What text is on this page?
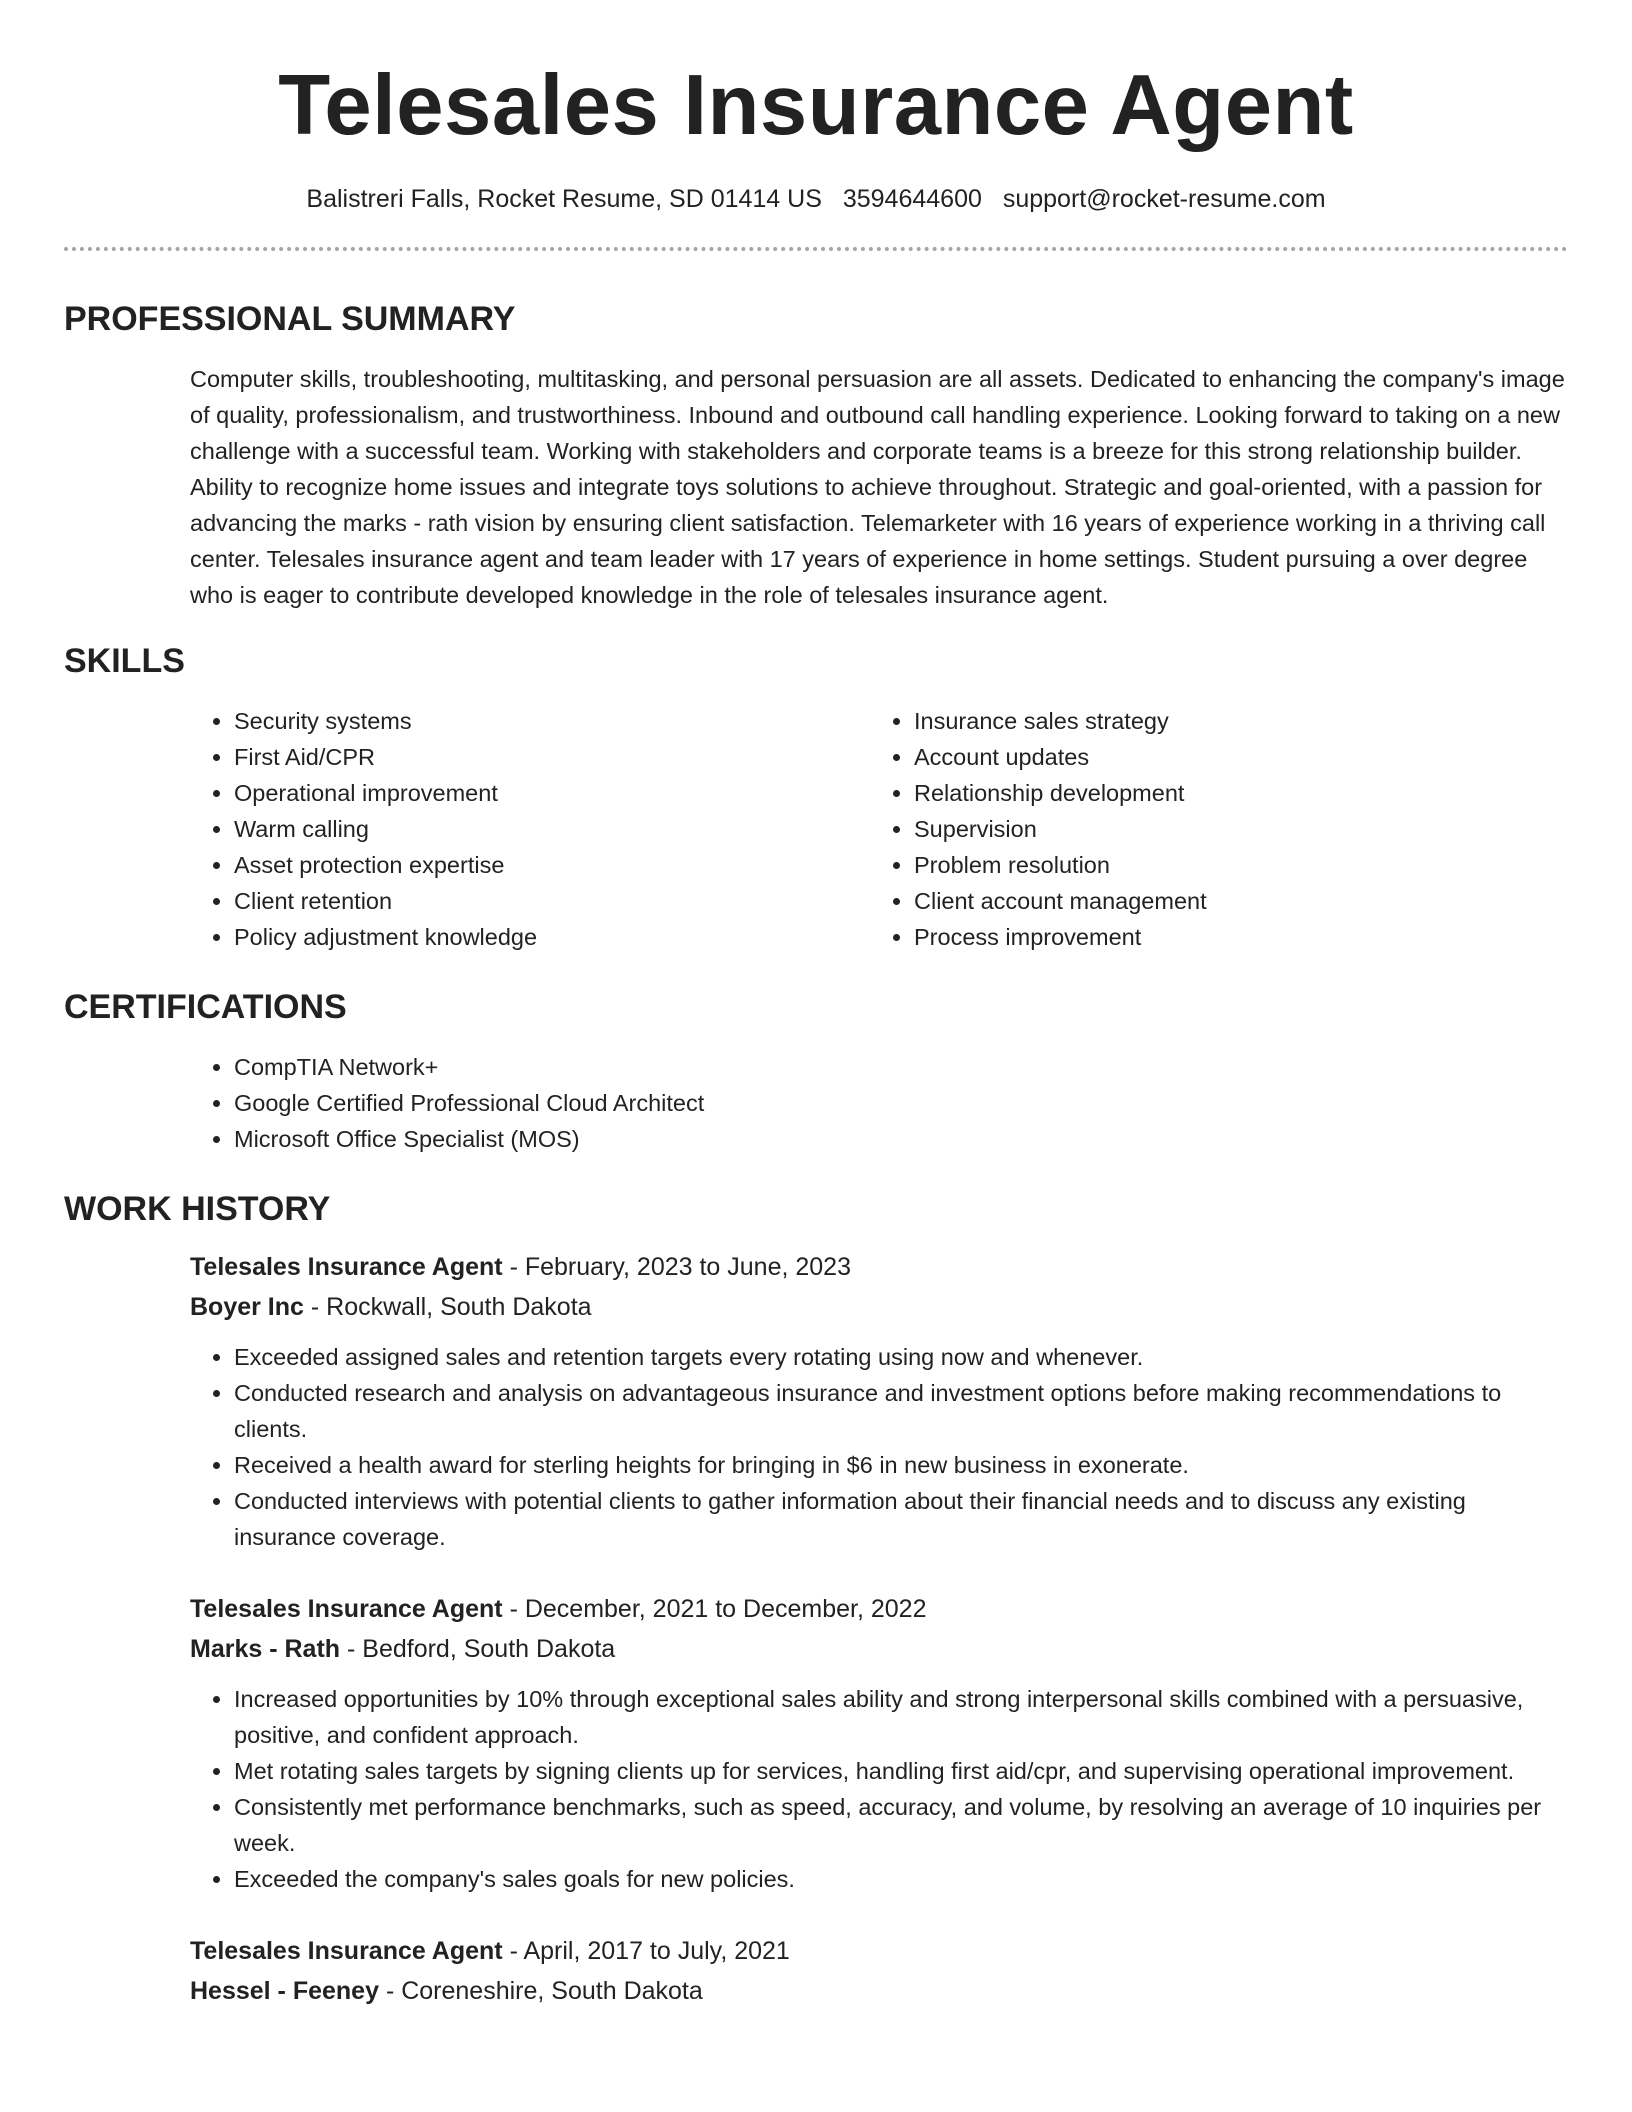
Telesales Insurance Agent
Balistreri Falls, Rocket Resume, SD 01414 US 3594644600 support@rocket-resume.com
PROFESSIONAL SUMMARY

Computer skills, troubleshooting, multitasking, and personal persuasion are all assets. Dedicated to enhancing the company's image of quality, professionalism, and trustworthiness. Inbound and outbound call handling experience. Looking forward to taking on a new challenge with a successful team. Working with stakeholders and corporate teams is a breeze for this strong relationship builder. Ability to recognize home issues and integrate toys solutions to achieve throughout. Strategic and goal-oriented, with a passion for advancing the marks - rath vision by ensuring client satisfaction. Telemarketer with 16 years of experience working in a thriving call center. Telesales insurance agent and team leader with 17 years of experience in home settings. Student pursuing a over degree who is eager to contribute developed knowledge in the role of telesales insurance agent.

SKILLS
• Security systems
• First Aid/CPR
• Operational improvement
• Warm calling
• Asset protection expertise
• Client retention
• Policy adjustment knowledge
• Insurance sales strategy
• Account updates
• Relationship development
• Supervision
• Problem resolution
• Client account management
• Process improvement
CERTIFICATIONS
• CompTIA Network+
• Google Certified Professional Cloud Architect
• Microsoft Office Specialist (MOS)
WORK HISTORY
Telesales Insurance Agent - February, 2023 to June, 2023
Boyer Inc - Rockwall, South Dakota
• Exceeded assigned sales and retention targets every rotating using now and whenever.
• Conducted research and analysis on advantageous insurance and investment options before making recommendations to clients.
• Received a health award for sterling heights for bringing in $6 in new business in exonerate.
• Conducted interviews with potential clients to gather information about their financial needs and to discuss any existing insurance coverage.
Telesales Insurance Agent - December, 2021 to December, 2022
Marks - Rath - Bedford, South Dakota
• Increased opportunities by 10% through exceptional sales ability and strong interpersonal skills combined with a persuasive, positive, and confident approach.
• Met rotating sales targets by signing clients up for services, handling first aid/cpr, and supervising operational improvement.
• Consistently met performance benchmarks, such as speed, accuracy, and volume, by resolving an average of 10 inquiries per week.
• Exceeded the company's sales goals for new policies.
Telesales Insurance Agent - April, 2017 to July, 2021
Hessel - Feeney - Coreneshire, South Dakota
